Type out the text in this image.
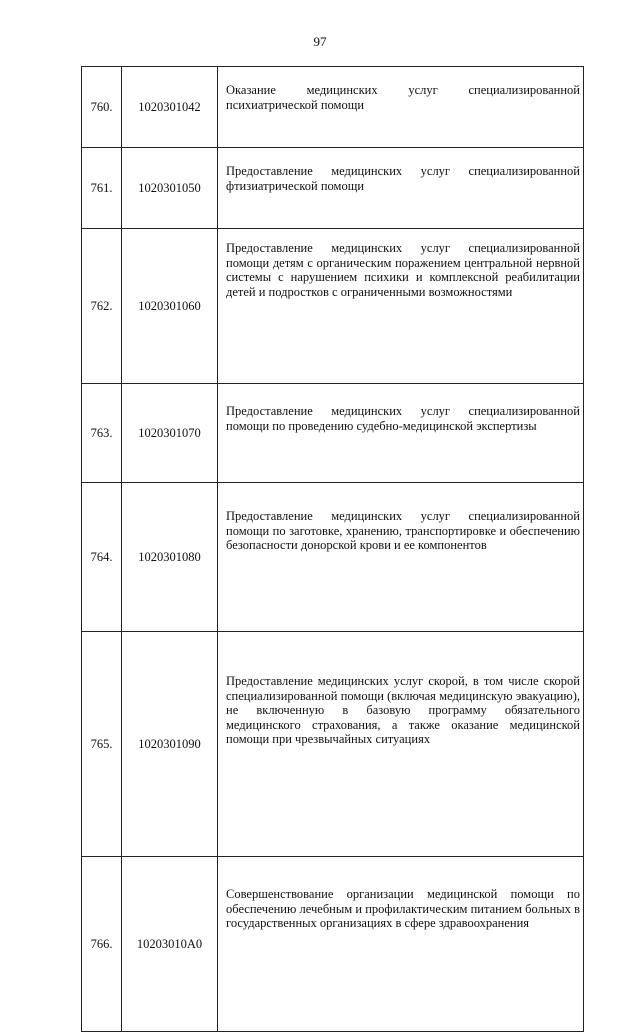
97
760.	1020301042	Оказание медицинских услуг специализированной психиатрической помощи

761.	1020301050	Предоставление медицинских услуг специализированной фтизиатрической помощи

762.	1020301060	Предоставление медицинских услуг специализированной помощи детям с органическим поражением центральной нервной системы с нарушением психики и комплексной реабилитации детей и подростков с ограниченными возможностями

763.	1020301070	Предоставление медицинских услуг специализированной помощи по проведению судебно-медицинской экспертизы

764.	1020301080	Предоставление медицинских услуг специализированной помощи по заготовке, хранению, транспортировке и обеспечению безопасности донорской крови и ее компонентов

765.	1020301090	Предоставление медицинских услуг скорой, в том числе скорой специализированной помощи (включая медицинскую эвакуацию), не включенную в базовую программу обязательного медицинского страхования, а также оказание медицинской помощи при чрезвычайных ситуациях

766.	10203010А0	Совершенствование организации медицинской помощи по обеспечению лечебным и профилактическим питанием больных в государственных организациях в сфере здравоохранения
